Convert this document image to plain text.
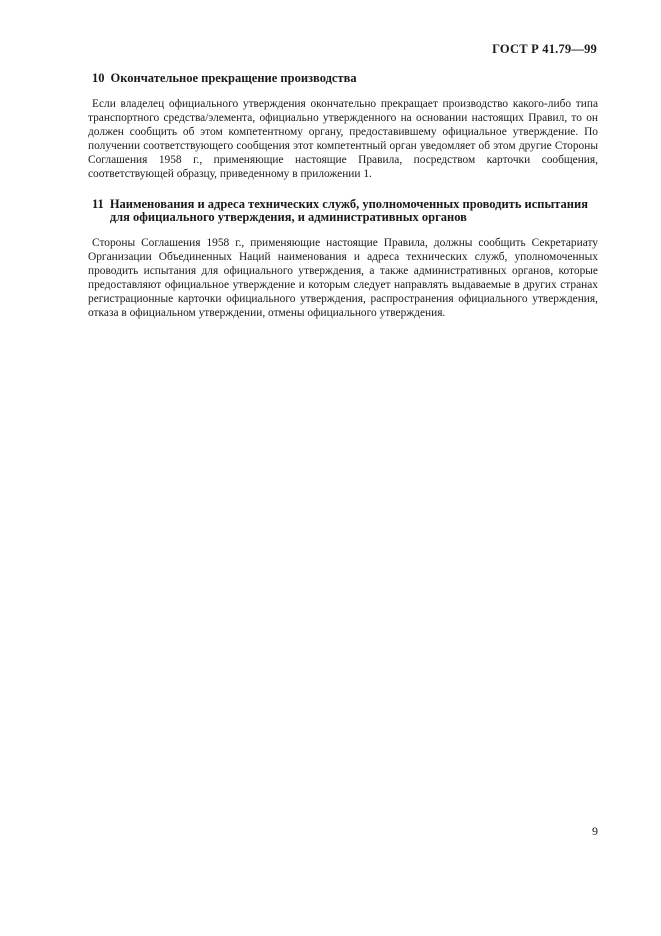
ГОСТ Р 41.79—99
10 Окончательное прекращение производства

Если владелец официального утверждения окончательно прекращает производство какого-либо типа транспортного средства/элемента, официально утвержденного на основании настоящих Правил, то он должен сообщить об этом компетентному органу, предоставившему официальное утверждение. По получении соответствующего сообщения этот компетентный орган уведомляет об этом другие Стороны Соглашения 1958 г., применяющие настоящие Правила, посредством карточки сообщения, соответствующей образцу, приведенному в приложении 1.

11 Наименования и адреса технических служб, уполномоченных проводить испытания для официального утверждения, и административных органов

Стороны Соглашения 1958 г., применяющие настоящие Правила, должны сообщить Секретариату Организации Объединенных Наций наименования и адреса технических служб, уполномоченных проводить испытания для официального утверждения, а также административных органов, которые предоставляют официальное утверждение и которым следует направлять выдаваемые в других странах регистрационные карточки официального утверждения, распространения официального утверждения, отказа в официальном утверждении, отмены официального утверждения.

9
